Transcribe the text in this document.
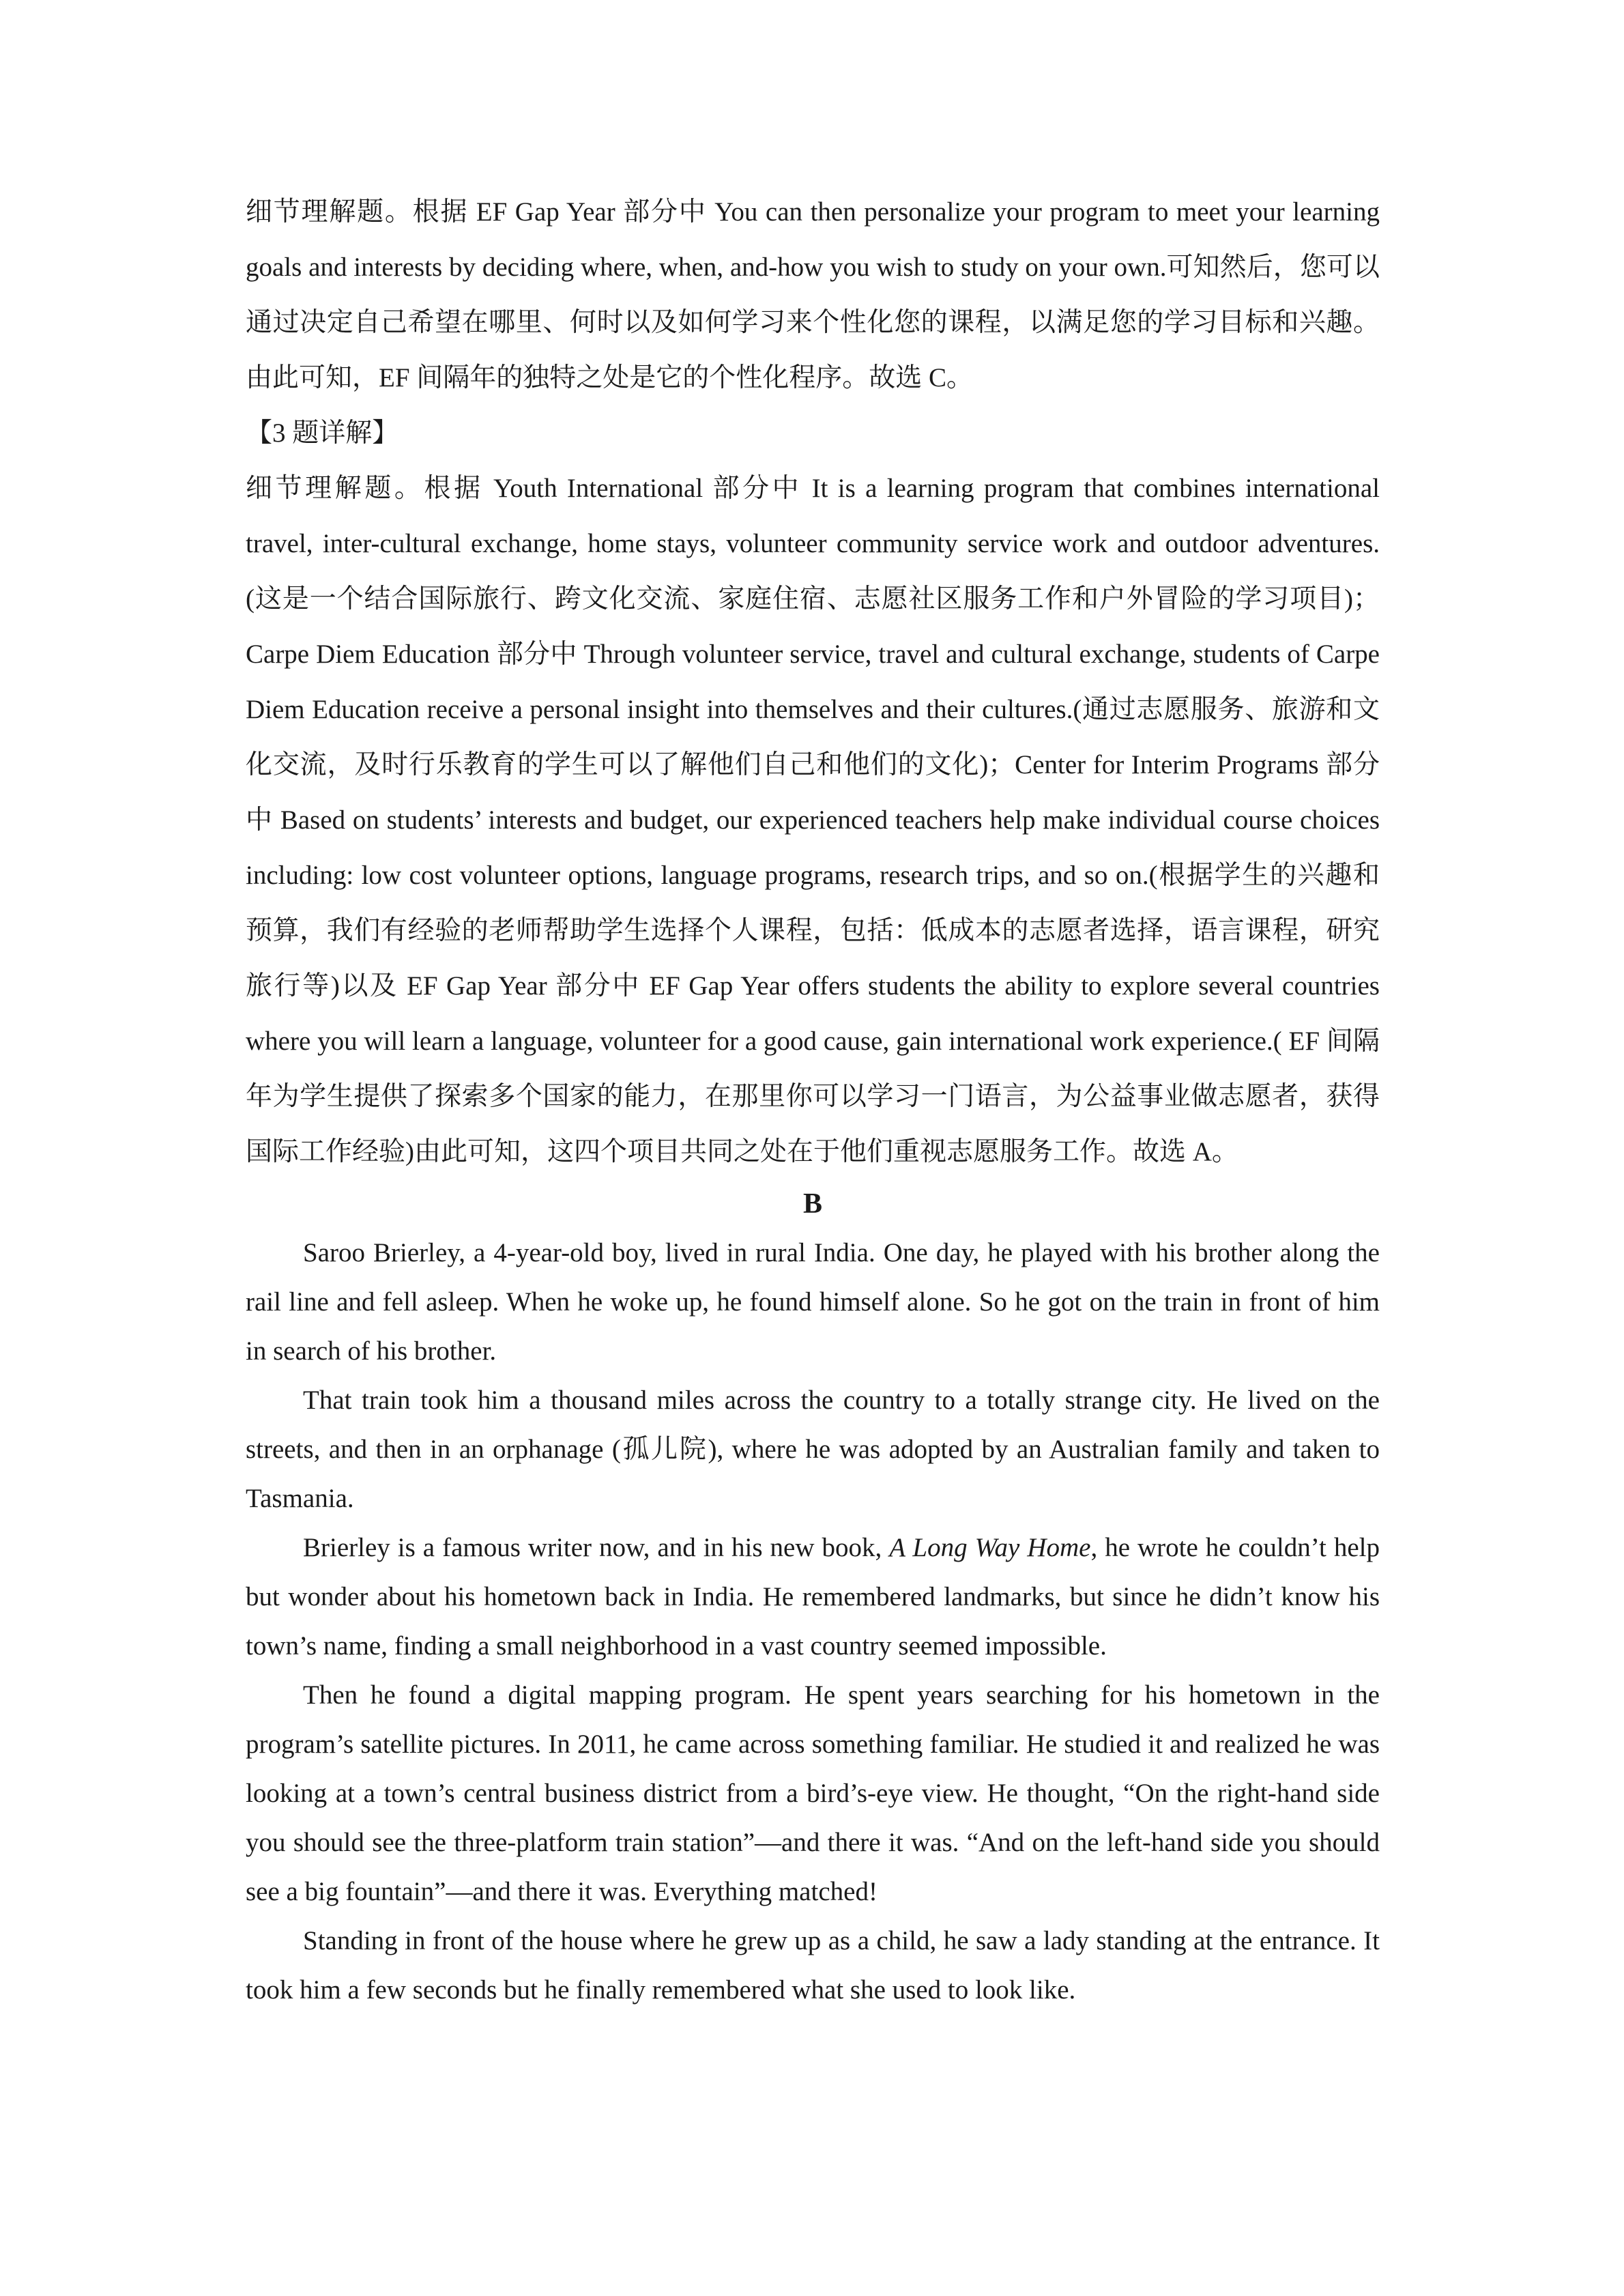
细节理解题。根据 EF Gap Year 部分中 You can then personalize your program to meet your learning goals and interests by deciding where, when, and-how you wish to study on your own.可知然后，您可以通过决定自己希望在哪里、何时以及如何学习来个性化您的课程，以满足您的学习目标和兴趣。由此可知，EF 间隔年的独特之处是它的个性化程序。故选 C。

【3 题详解】

细节理解题。根据 Youth International 部分中 It is a learning program that combines international travel, inter-cultural exchange, home stays, volunteer community service work and outdoor adventures.(这是一个结合国际旅行、跨文化交流、家庭住宿、志愿社区服务工作和户外冒险的学习项目)；Carpe Diem Education 部分中 Through volunteer service, travel and cultural exchange, students of Carpe Diem Education receive a personal insight into themselves and their cultures.(通过志愿服务、旅游和文化交流，及时行乐教育的学生可以了解他们自己和他们的文化)；Center for Interim Programs 部分中 Based on students’ interests and budget, our experienced teachers help make individual course choices including: low cost volunteer options, language programs, research trips, and so on.(根据学生的兴趣和预算，我们有经验的老师帮助学生选择个人课程，包括：低成本的志愿者选择，语言课程，研究旅行等)以及 EF Gap Year 部分中 EF Gap Year offers students the ability to explore several countries where you will learn a language, volunteer for a good cause, gain international work experience.( EF 间隔年为学生提供了探索多个国家的能力，在那里你可以学习一门语言，为公益事业做志愿者，获得国际工作经验)由此可知，这四个项目共同之处在于他们重视志愿服务工作。故选 A。

B

Saroo Brierley, a 4-year-old boy, lived in rural India. One day, he played with his brother along the rail line and fell asleep. When he woke up, he found himself alone. So he got on the train in front of him in search of his brother.

That train took him a thousand miles across the country to a totally strange city. He lived on the streets, and then in an orphanage (孤儿院), where he was adopted by an Australian family and taken to Tasmania.

Brierley is a famous writer now, and in his new book, A Long Way Home, he wrote he couldn’t help but wonder about his hometown back in India. He remembered landmarks, but since he didn’t know his town’s name, finding a small neighborhood in a vast country seemed impossible.

Then he found a digital mapping program. He spent years searching for his hometown in the program’s satellite pictures. In 2011, he came across something familiar. He studied it and realized he was looking at a town’s central business district from a bird’s-eye view. He thought, “On the right-hand side you should see the three-platform train station”—and there it was. “And on the left-hand side you should see a big fountain”—and there it was. Everything matched!

Standing in front of the house where he grew up as a child, he saw a lady standing at the entrance. It took him a few seconds but he finally remembered what she used to look like.
